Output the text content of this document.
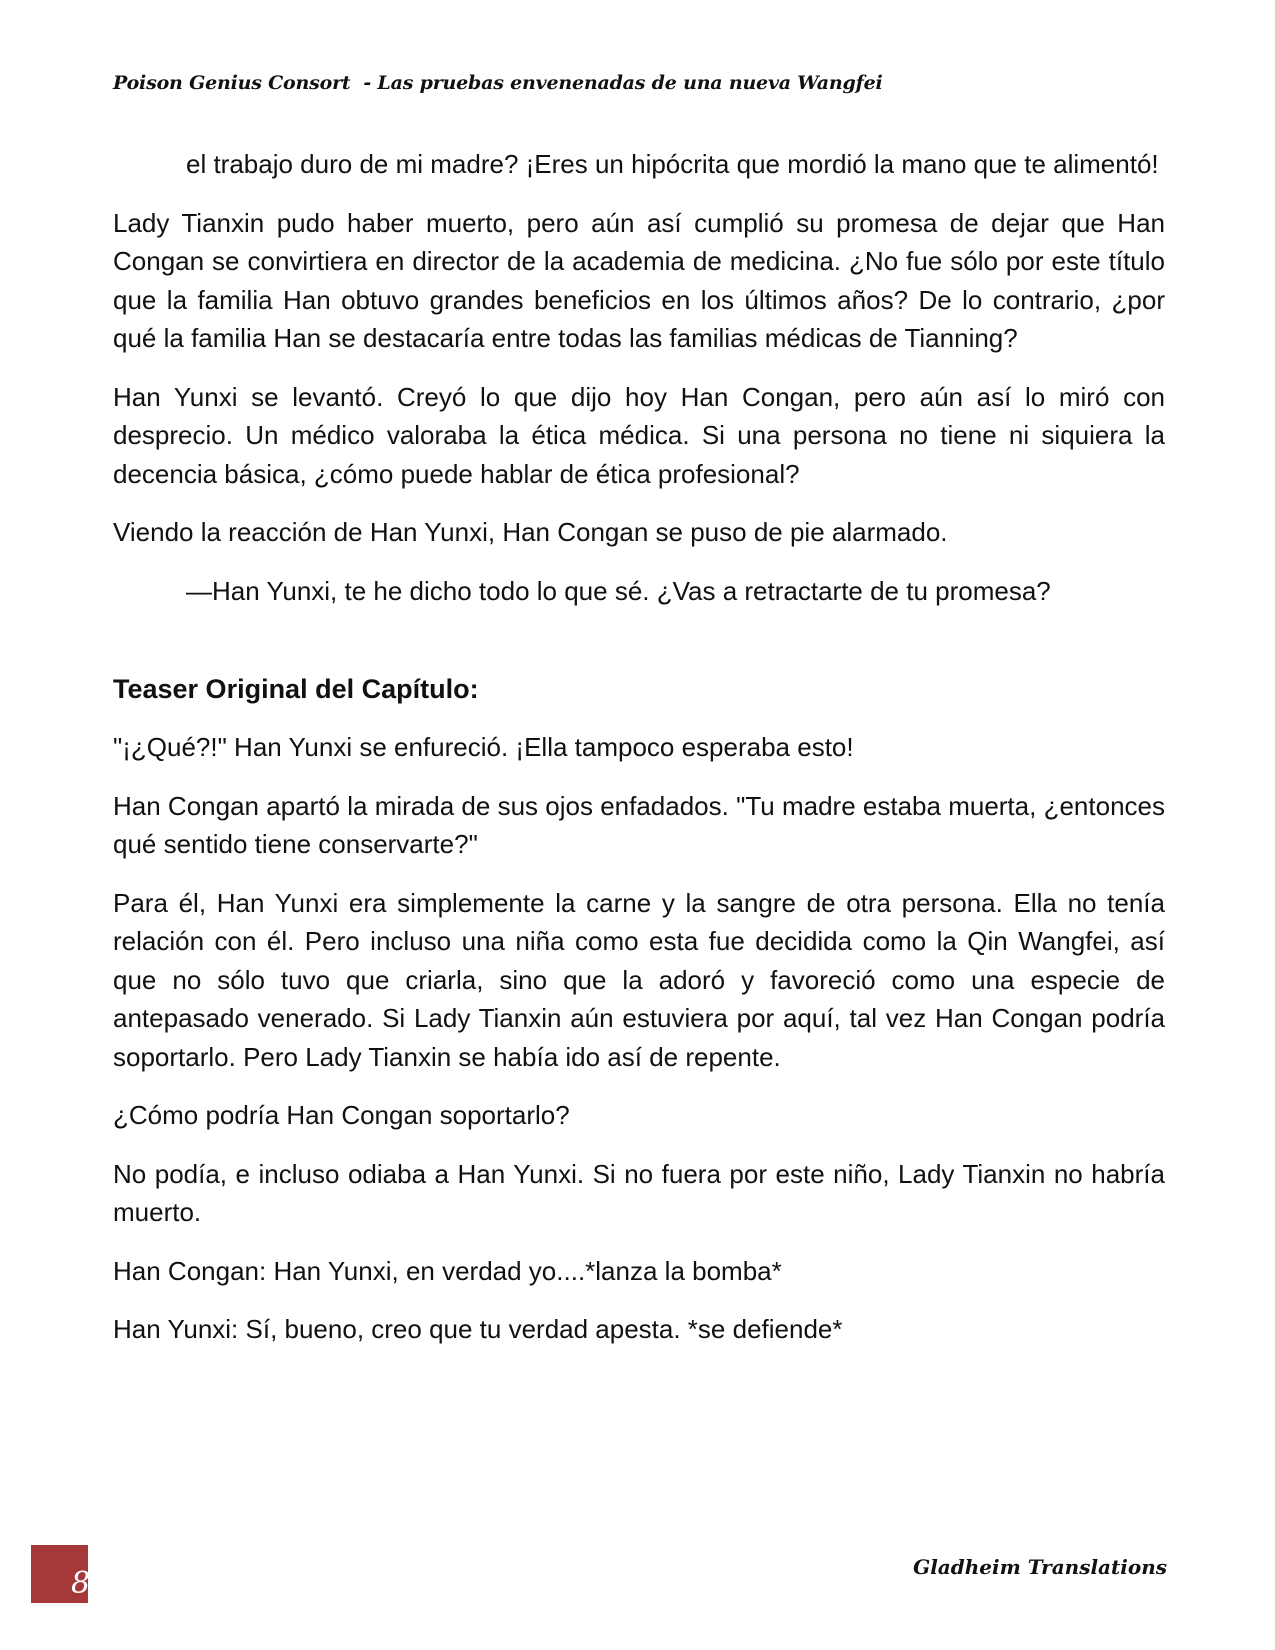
Poison Genius Consort  - Las pruebas envenenadas de una nueva Wangfei

el trabajo duro de mi madre? ¡Eres un hipócrita que mordió la mano que te alimentó!

Lady Tianxin pudo haber muerto, pero aún así cumplió su promesa de dejar que Han Congan se convirtiera en director de la academia de medicina. ¿No fue sólo por este título que la familia Han obtuvo grandes beneficios en los últimos años? De lo contrario, ¿por qué la familia Han se destacaría entre todas las familias médicas de Tianning?

Han Yunxi se levantó. Creyó lo que dijo hoy Han Congan, pero aún así lo miró con desprecio. Un médico valoraba la ética médica. Si una persona no tiene ni siquiera la decencia básica, ¿cómo puede hablar de ética profesional?

Viendo la reacción de Han Yunxi, Han Congan se puso de pie alarmado.

—Han Yunxi, te he dicho todo lo que sé. ¿Vas a retractarte de tu promesa?

Teaser Original del Capítulo:

"¡¿Qué?!" Han Yunxi se enfureció. ¡Ella tampoco esperaba esto!

Han Congan apartó la mirada de sus ojos enfadados. "Tu madre estaba muerta, ¿entonces qué sentido tiene conservarte?"

Para él, Han Yunxi era simplemente la carne y la sangre de otra persona. Ella no tenía relación con él. Pero incluso una niña como esta fue decidida como la Qin Wangfei, así que no sólo tuvo que criarla, sino que la adoró y favoreció como una especie de antepasado venerado. Si Lady Tianxin aún estuviera por aquí, tal vez Han Congan podría soportarlo. Pero Lady Tianxin se había ido así de repente.

¿Cómo podría Han Congan soportarlo?

No podía, e incluso odiaba a Han Yunxi. Si no fuera por este niño, Lady Tianxin no habría muerto.

Han Congan: Han Yunxi, en verdad yo....*lanza la bomba*

Han Yunxi: Sí, bueno, creo que tu verdad apesta. *se defiende*

8	Gladheim Translations
